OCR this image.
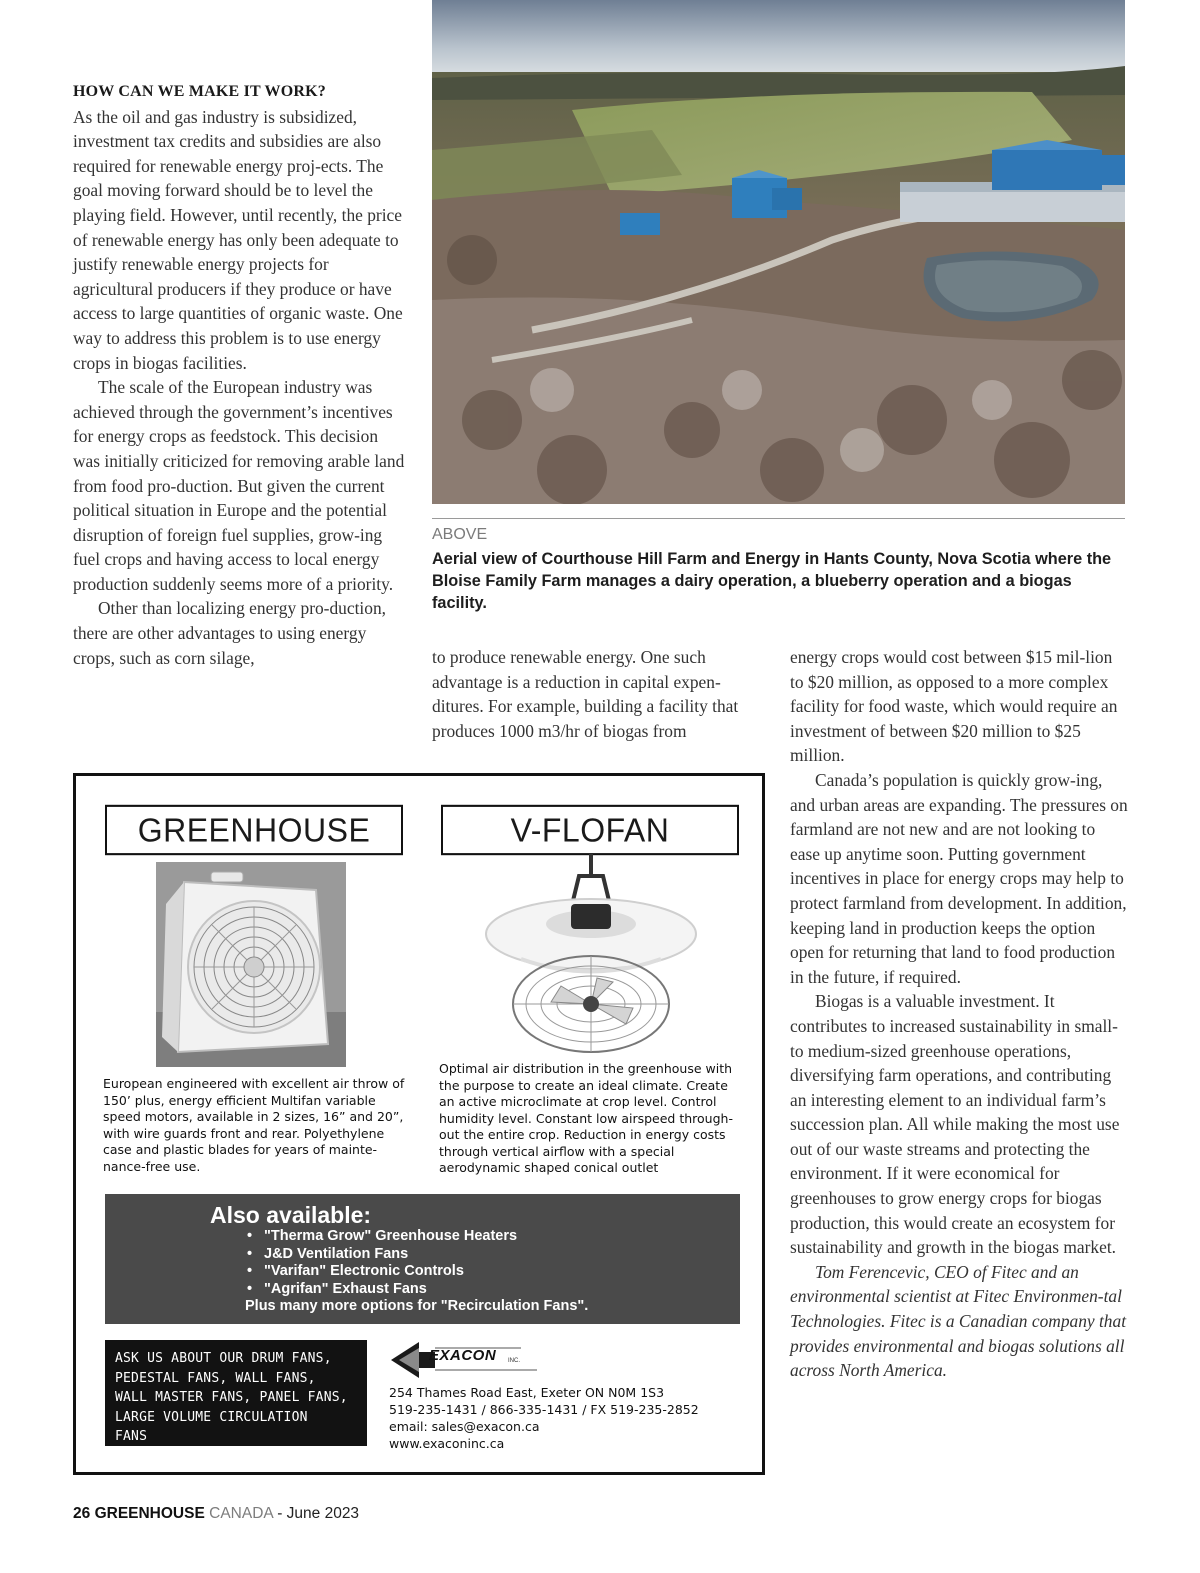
HOW CAN WE MAKE IT WORK?

As the oil and gas industry is subsidized, investment tax credits and subsidies are also required for renewable energy proj-ects. The goal moving forward should be to level the playing field. However, until recently, the price of renewable energy has only been adequate to justify renewable energy projects for agricultural producers if they produce or have access to large quantities of organic waste. One way to address this problem is to use energy crops in biogas facilities.

The scale of the European industry was achieved through the government’s incentives for energy crops as feedstock. This decision was initially criticized for removing arable land from food pro-duction. But given the current political situation in Europe and the potential disruption of foreign fuel supplies, grow-ing fuel crops and having access to local energy production suddenly seems more of a priority.

Other than localizing energy pro-duction, there are other advantages to using energy crops, such as corn silage,

ABOVE
Aerial view of Courthouse Hill Farm and Energy in Hants County, Nova Scotia where the Bloise Family Farm manages a dairy operation, a blueberry operation and a biogas facility.

to produce renewable energy. One such advantage is a reduction in capital expen-ditures. For example, building a facility that produces 1000 m3/hr of biogas from

energy crops would cost between $15 mil-lion to $20 million, as opposed to a more complex facility for food waste, which would require an investment of between $20 million to $25 million.

Canada’s population is quickly grow-ing, and urban areas are expanding. The pressures on farmland are not new and are not looking to ease up anytime soon. Putting government incentives in place for energy crops may help to protect farmland from development. In addition, keeping land in production keeps the option open for returning that land to food production in the future, if required.

Biogas is a valuable investment. It contributes to increased sustainability in small- to medium-sized greenhouse operations, diversifying farm operations, and contributing an interesting element to an individual farm’s succession plan. All while making the most use out of our waste streams and protecting the environment. If it were economical for greenhouses to grow energy crops for biogas production, this would create an ecosystem for sustainability and growth in the biogas market.

Tom Ferencevic, CEO of Fitec and an environmental scientist at Fitec Environmen-tal Technologies. Fitec is a Canadian company that provides environmental and biogas solutions all across North America.

GREENHOUSE	V-FLOFAN
European engineered with excellent air throw of 150’ plus, energy efficient Multifan variable speed motors, available in 2 sizes, 16” and 20”, with wire guards front and rear. Polyethylene case and plastic blades for years of mainte-nance-free use.
Optimal air distribution in the greenhouse with the purpose to create an ideal climate. Create an active microclimate at crop level. Control humidity level. Constant low airspeed through-out the entire crop. Reduction in energy costs through vertical airflow with a special aerodynamic shaped conical outlet
Also available:
• "Therma Grow" Greenhouse Heaters
• J&D Ventilation Fans
• "Varifan" Electronic Controls
• "Agrifan" Exhaust Fans
Plus many more options for "Recirculation Fans".
ASK US ABOUT OUR DRUM FANS,
PEDESTAL FANS, WALL FANS,
WALL MASTER FANS, PANEL FANS,
LARGE VOLUME CIRCULATION
FANS
EXACON INC.
254 Thames Road East, Exeter ON N0M 1S3
519-235-1431 / 866-335-1431 / FX 519-235-2852
email: sales@exacon.ca
www.exaconinc.ca
26 GREENHOUSE CANADA - June 2023
